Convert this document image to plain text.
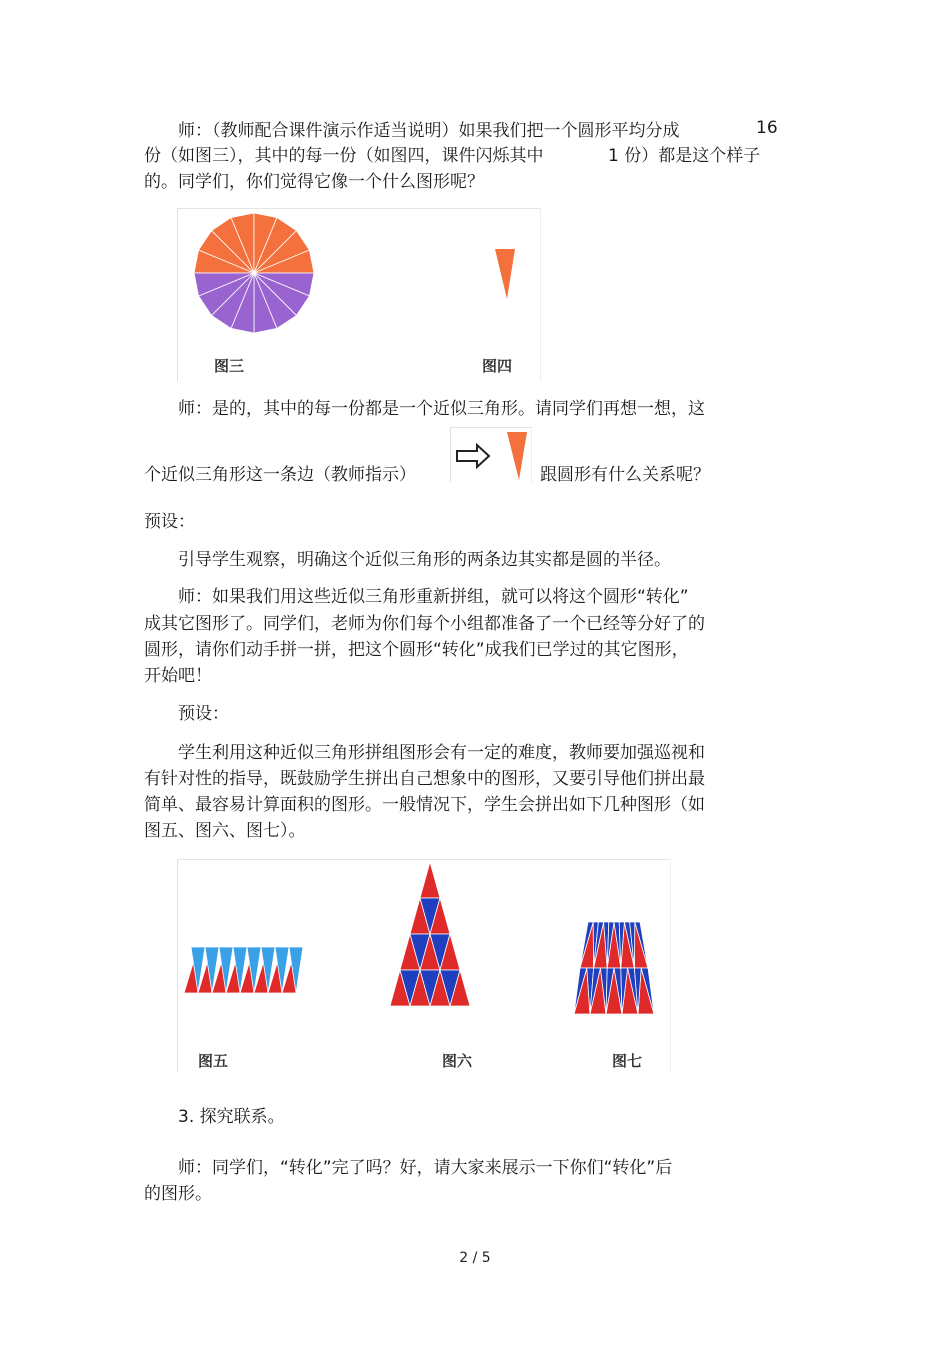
师：（教师配合课件演示作适当说明）如果我们把一个圆形平均分成	16
份（如图三），其中的每一份（如图四，课件闪烁其中	1 份）都是这个样子
的。同学们，你们觉得它像一个什么图形呢？
图三	图四
师：是的，其中的每一份都是一个近似三角形。请同学们再想一想，这
个近似三角形这一条边（教师指示）	跟圆形有什么关系呢？
预设：
引导学生观察，明确这个近似三角形的两条边其实都是圆的半径。
师：如果我们用这些近似三角形重新拼组，就可以将这个圆形“转化”
成其它图形了。同学们，老师为你们每个小组都准备了一个已经等分好了的
圆形，请你们动手拼一拼，把这个圆形“转化”成我们已学过的其它图形，
开始吧！
预设：
学生利用这种近似三角形拼组图形会有一定的难度，教师要加强巡视和
有针对性的指导，既鼓励学生拼出自己想象中的图形，又要引导他们拼出最
简单、最容易计算面积的图形。一般情况下，学生会拼出如下几种图形（如
图五、图六、图七）。
图五	图六	图七
3. 探究联系。
师：同学们，“转化”完了吗？好，请大家来展示一下你们“转化”后
的图形。
2 / 5
